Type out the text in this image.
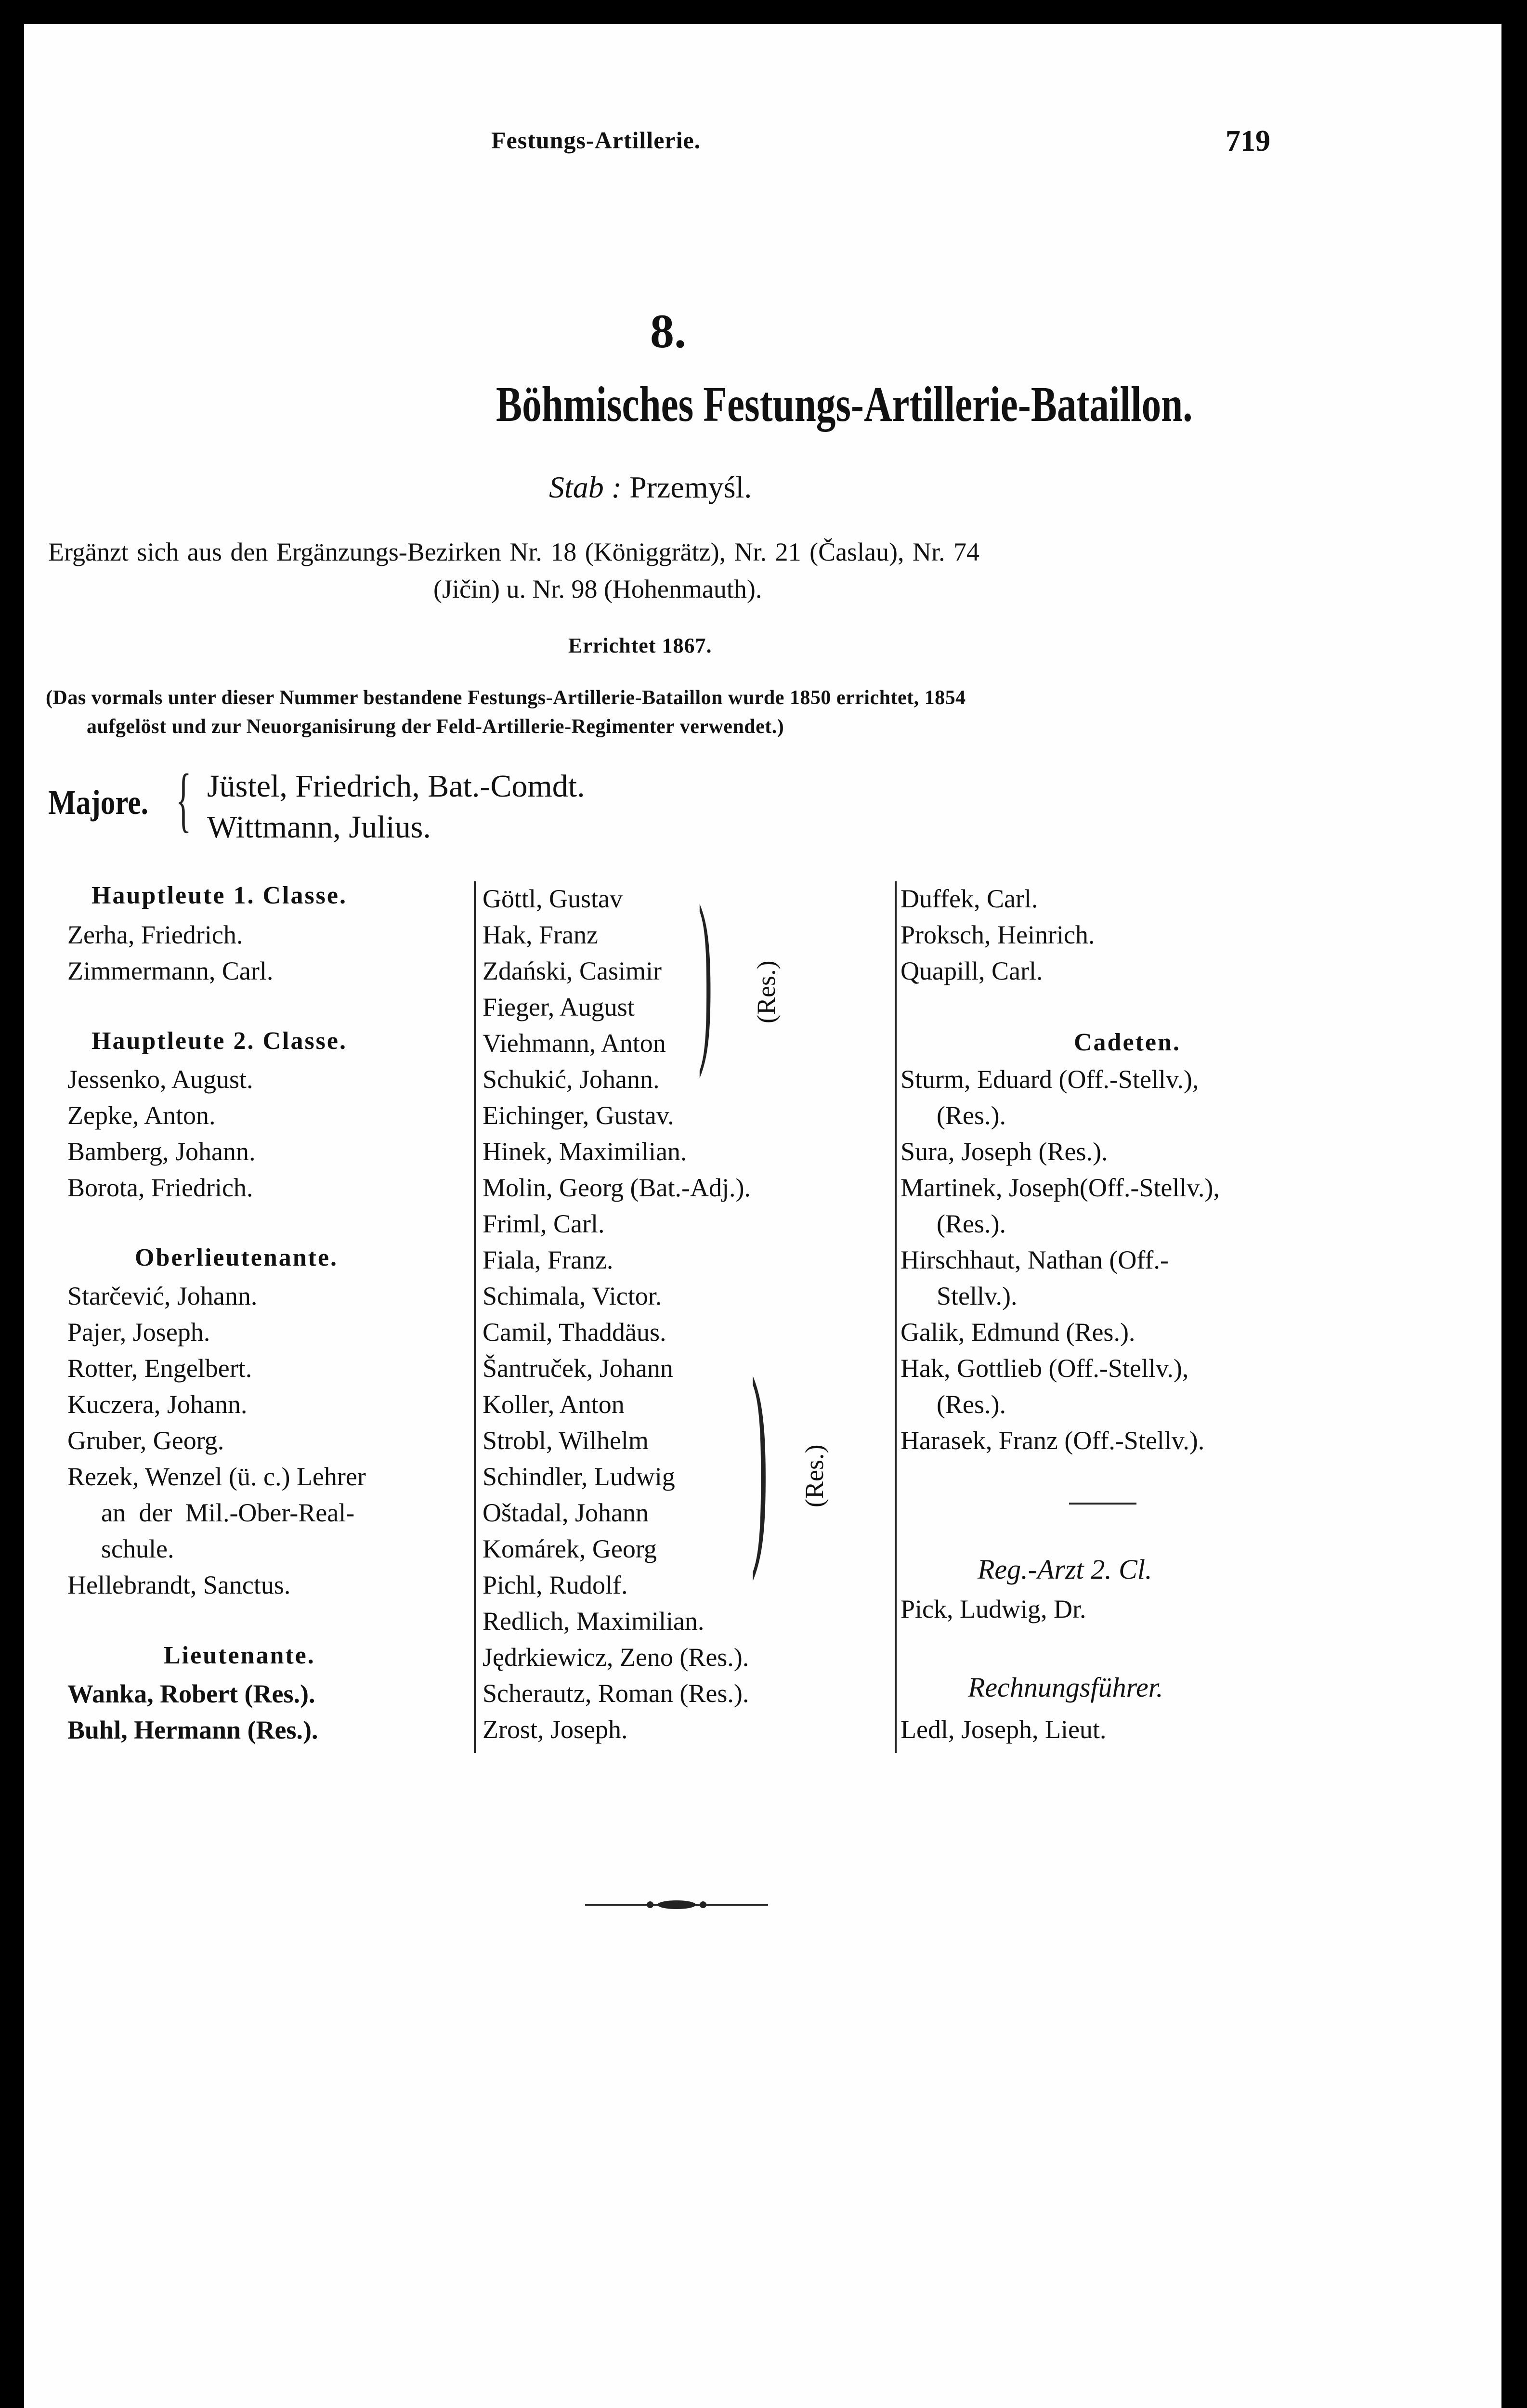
Festungs-Artillerie.	719
8.
Böhmisches Festungs-Artillerie-Bataillon.
Stab : Przemyśl.
Ergänzt sich aus den Ergänzungs-Bezirken Nr. 18 (Königgrätz), Nr. 21 (Časlau), Nr. 74
(Jičin) u. Nr. 98 (Hohenmauth).
Errichtet 1867.
(Das vormals unter dieser Nummer bestandene Festungs-Artillerie-Bataillon wurde 1850 errichtet, 1854
aufgelöst und zur Neuorganisirung der Feld-Artillerie-Regimenter verwendet.)
Majore. { Jüstel, Friedrich, Bat.-Comdt.
Wittmann, Julius.
Hauptleute 1. Classe.
Zerha, Friedrich.
Zimmermann, Carl.
Hauptleute 2. Classe.
Jessenko, August.
Zepke, Anton.
Bamberg, Johann.
Borota, Friedrich.
Oberlieutenante.
Starčević, Johann.
Pajer, Joseph.
Rotter, Engelbert.
Kuczera, Johann.
Gruber, Georg.
Rezek, Wenzel (ü. c.) Lehrer
an der Mil.-Ober-Real-
schule.
Hellebrandt, Sanctus.
Lieutenante.
Wanka, Robert (Res.).
Buhl, Hermann (Res.).
Göttl, Gustav
Hak, Franz
Zdański, Casimir
Fieger, August
Viehmann, Anton ) (Res.)
Schukić, Johann.
Eichinger, Gustav.
Hinek, Maximilian.
Molin, Georg (Bat.-Adj.).
Friml, Carl.
Fiala, Franz.
Schimala, Victor.
Camil, Thaddäus.
Šantruček, Johann
Koller, Anton
Strobl, Wilhelm
Schindler, Ludwig
Oštadal, Johann
Komárek, Georg ) (Res.)
Pichl, Rudolf.
Redlich, Maximilian.
Jędrkiewicz, Zeno (Res.).
Scherautz, Roman (Res.).
Zrost, Joseph.
Duffek, Carl.
Proksch, Heinrich.
Quapill, Carl.
Cadeten.
Sturm, Eduard (Off.-Stellv.),
(Res.).
Sura, Joseph (Res.).
Martinek, Joseph(Off.-Stellv.),
(Res.).
Hirschhaut, Nathan (Off.-
Stellv.).
Galik, Edmund (Res.).
Hak, Gottlieb (Off.-Stellv.),
(Res.).
Harasek, Franz (Off.-Stellv.).
Reg.-Arzt 2. Cl.
Pick, Ludwig, Dr.
Rechnungsführer.
Ledl, Joseph, Lieut.
